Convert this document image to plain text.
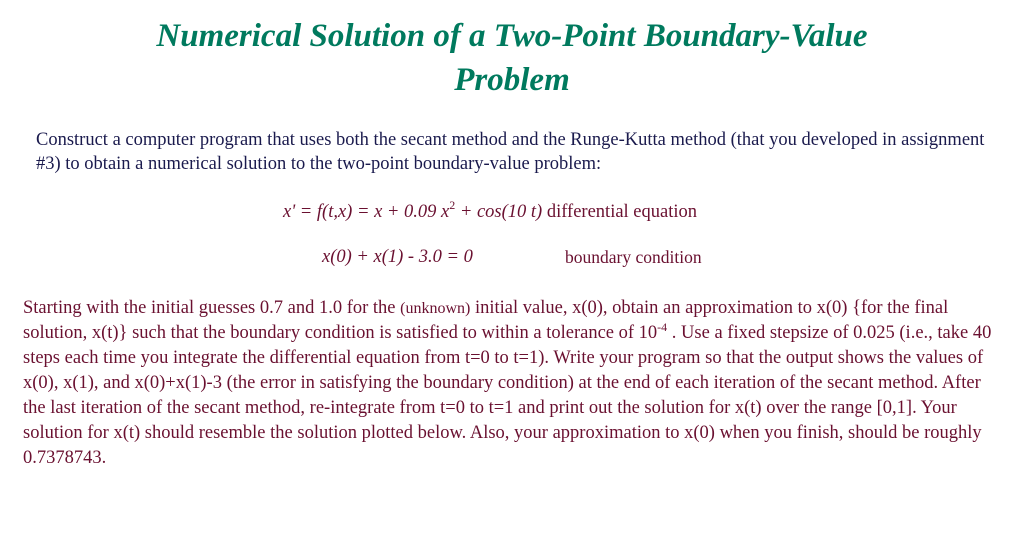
Numerical Solution of a Two-Point Boundary-Value
Problem

Construct a computer program that uses both the secant method and the Runge-Kutta method (that you developed in assignment #3) to obtain a numerical solution to the two-point boundary-value problem:

x' = f(t,x) = x + 0.09 $x^2 + \cos(10$ t) differential equation
x(0) + x(1) - 3.0 = 0	boundary condition

Starting with the initial guesses 0.7 and 1.0 for the (unknown) initial value, x(0), obtain an approximation to x(0) {for the final solution, x(t)} such that the boundary condition is satisfied to within a tolerance of $10^{-4}$ . Use a fixed stepsize of 0.025 (i.e., take 40 steps each time you integrate the differential equation from t=0 to t=1). Write your program so that the output shows the values of x(0), x(1), and x(0)+x(1)-3 (the error in satisfying the boundary condition) at the end of each iteration of the secant method. After the last iteration of the secant method, re-integrate from t=0 to t=1 and print out the solution for x(t) over the range [0,1]. Your solution for x(t) should resemble the solution plotted below. Also, your approximation to x(0) when you finish, should be roughly 0.7378743.
